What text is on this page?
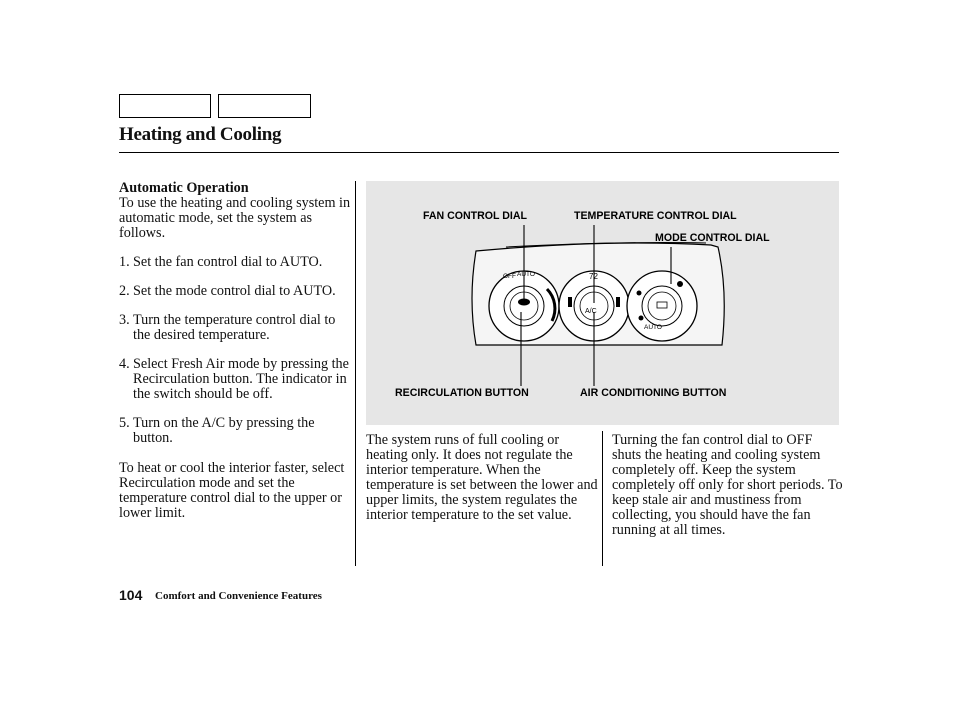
Heating and Cooling
Automatic Operation

To use the heating and cooling system in automatic mode, set the system as follows.

1. Set the fan control dial to AUTO.
2. Set the mode control dial to AUTO.
3. Turn the temperature control dial to the desired temperature.
4. Select Fresh Air mode by pressing the Recirculation button. The indicator in the switch should be off.
5. Turn on the A/C by pressing the button.

To heat or cool the interior faster, select Recirculation mode and set the temperature control dial to the upper or lower limit.

OFF AUTO	72
A/C
AUTO
FAN CONTROL DIAL	TEMPERATURE CONTROL DIAL
MODE CONTROL DIAL
RECIRCULATION BUTTON	AIR CONDITIONING BUTTON
The system runs of full cooling or heating only. It does not regulate the interior temperature. When the temperature is set between the lower and upper limits, the system regulates the interior temperature to the set value.
Turning the fan control dial to OFF shuts the heating and cooling system completely off. Keep the system completely off only for short periods. To keep stale air and mustiness from collecting, you should have the fan running at all times.

104 Comfort and Convenience Features
